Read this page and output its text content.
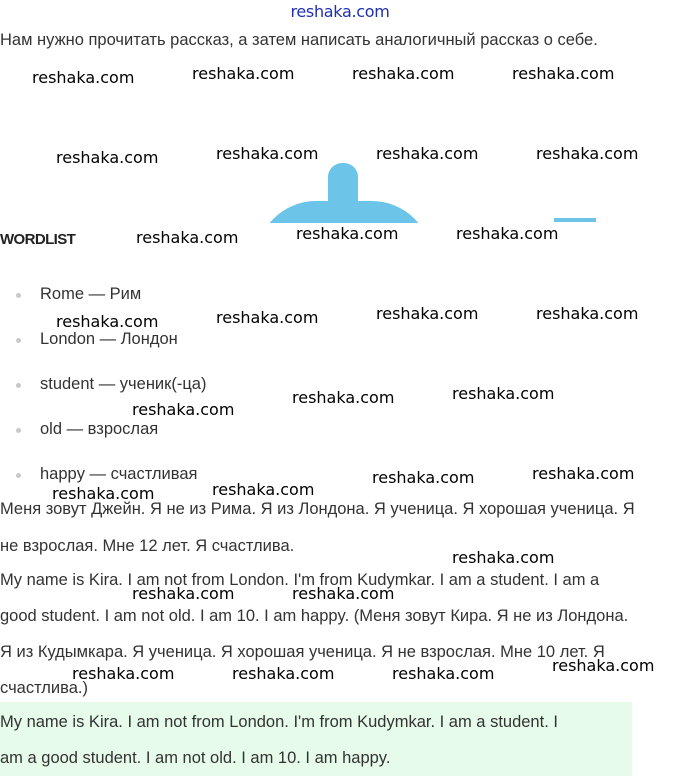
reshaka.com
Нам нужно прочитать рассказ, а затем написать аналогичный рассказ о себе.
WORDLIST
Rome — Рим
London — Лондон
student — ученик(-ца)
old — взрослая
happy — счастливая
Меня зовут Джейн. Я не из Рима. Я из Лондона. Я ученица. Я хорошая ученица. Я
не взрослая. Мне 12 лет. Я счастлива.
My name is Kira. I am not from London. I'm from Kudymkar. I am a student. I am a
good student. I am not old. I am 10. I am happy. (Меня зовут Кира. Я не из Лондона.
Я из Кудымкара. Я ученица. Я хорошая ученица. Я не взрослая. Мне 10 лет. Я
счастлива.)
My name is Kira. I am not from London. I'm from Kudymkar. I am a student. I
am a good student. I am not old. I am 10. I am happy.
reshaka.com	reshaka.com	reshaka.com	reshaka.com
reshaka.com	reshaka.com	reshaka.com	reshaka.com
reshaka.com	reshaka.com	reshaka.com
reshaka.com	reshaka.com	reshaka.com	reshaka.com
reshaka.com
reshaka.com	reshaka.com
reshaka.com	reshaka.com
reshaka.com	reshaka.com
reshaka.com
reshaka.com	reshaka.com
reshaka.com	reshaka.com	reshaka.com	reshaka.com
